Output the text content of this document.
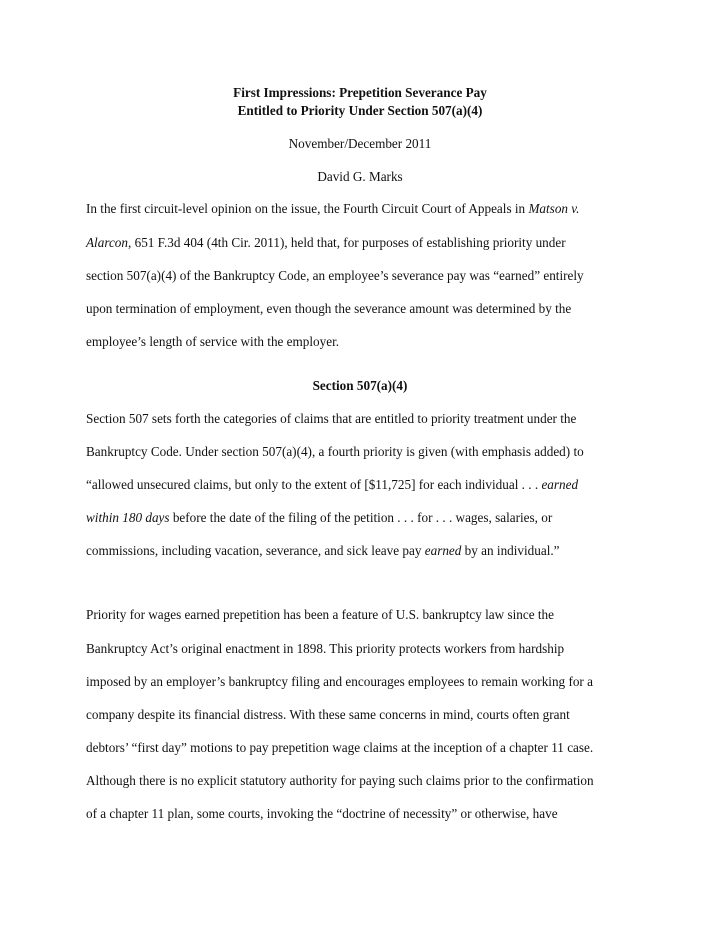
First Impressions: Prepetition Severance Pay
Entitled to Priority Under Section 507(a)(4)
November/December 2011
David G. Marks
In the first circuit-level opinion on the issue, the Fourth Circuit Court of Appeals in Matson v.
Alarcon, 651 F.3d 404 (4th Cir. 2011), held that, for purposes of establishing priority under
section 507(a)(4) of the Bankruptcy Code, an employee’s severance pay was “earned” entirely
upon termination of employment, even though the severance amount was determined by the
employee’s length of service with the employer.
Section 507(a)(4)
Section 507 sets forth the categories of claims that are entitled to priority treatment under the
Bankruptcy Code. Under section 507(a)(4), a fourth priority is given (with emphasis added) to
“allowed unsecured claims, but only to the extent of [$11,725] for each individual . . . earned
within 180 days before the date of the filing of the petition . . . for . . . wages, salaries, or
commissions, including vacation, severance, and sick leave pay earned by an individual.”
Priority for wages earned prepetition has been a feature of U.S. bankruptcy law since the
Bankruptcy Act’s original enactment in 1898. This priority protects workers from hardship
imposed by an employer’s bankruptcy filing and encourages employees to remain working for a
company despite its financial distress. With these same concerns in mind, courts often grant
debtors’ “first day” motions to pay prepetition wage claims at the inception of a chapter 11 case.
Although there is no explicit statutory authority for paying such claims prior to the confirmation
of a chapter 11 plan, some courts, invoking the “doctrine of necessity” or otherwise, have
